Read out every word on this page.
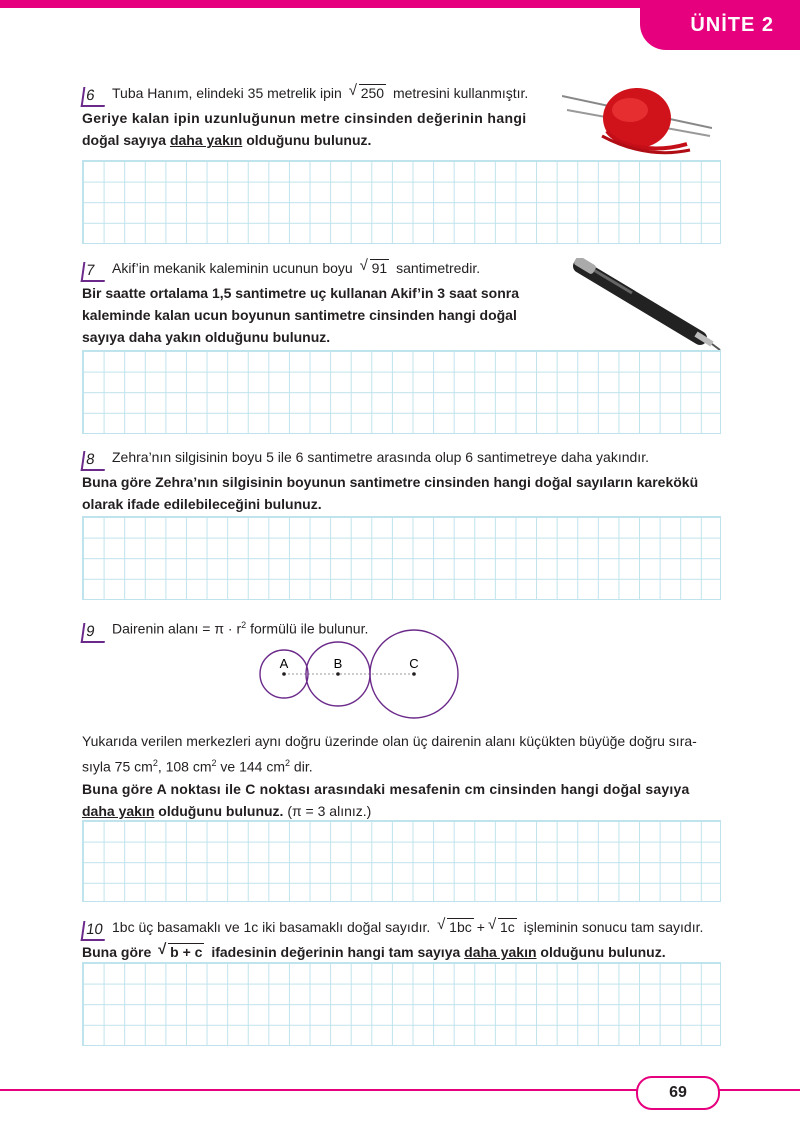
ÜNİTE 2
6 Tuba Hanım, elindeki 35 metrelik ipin √ 250 metresini kullanmıştır.
Geriye kalan ipin uzunluğunun metre cinsinden değerinin hangi
doğal sayıya daha yakın olduğunu bulunuz.
7 Akif’in mekanik kaleminin ucunun boyu √ 91 santimetredir.
Bir saatte ortalama 1,5 santimetre uç kullanan Akif’in 3 saat sonra
kaleminde kalan ucun boyunun santimetre cinsinden hangi doğal
sayıya daha yakın olduğunu bulunuz.
8 Zehra’nın silgisinin boyu 5 ile 6 santimetre arasında olup 6 santimetreye daha yakındır.
Buna göre Zehra’nın silgisinin boyunun santimetre cinsinden hangi doğal sayıların karekökü
olarak ifade edilebileceğini bulunuz.
9 Dairenin alanı = $\pi \cdot r^2$ formülü ile bulunur.
A	B	C
Yukarıda verilen merkezleri aynı doğru üzerinde olan üç dairenin alanı küçükten büyüğe doğru sıra-
sıyla 75 $cm^2$, 108 $cm^2$ ve 144 $cm^2$ dir.
Buna göre A noktası ile C noktası arasındaki mesafenin cm cinsinden hangi doğal sayıya
daha yakın olduğunu bulunuz. (π = 3 alınız.)
10 1bc üç basamaklı ve 1c iki basamaklı doğal sayıdır. √ 1bc + √ 1c işleminin sonucu tam sayıdır.
Buna göre √ b + c ifadesinin değerinin hangi tam sayıya daha yakın olduğunu bulunuz.
69
